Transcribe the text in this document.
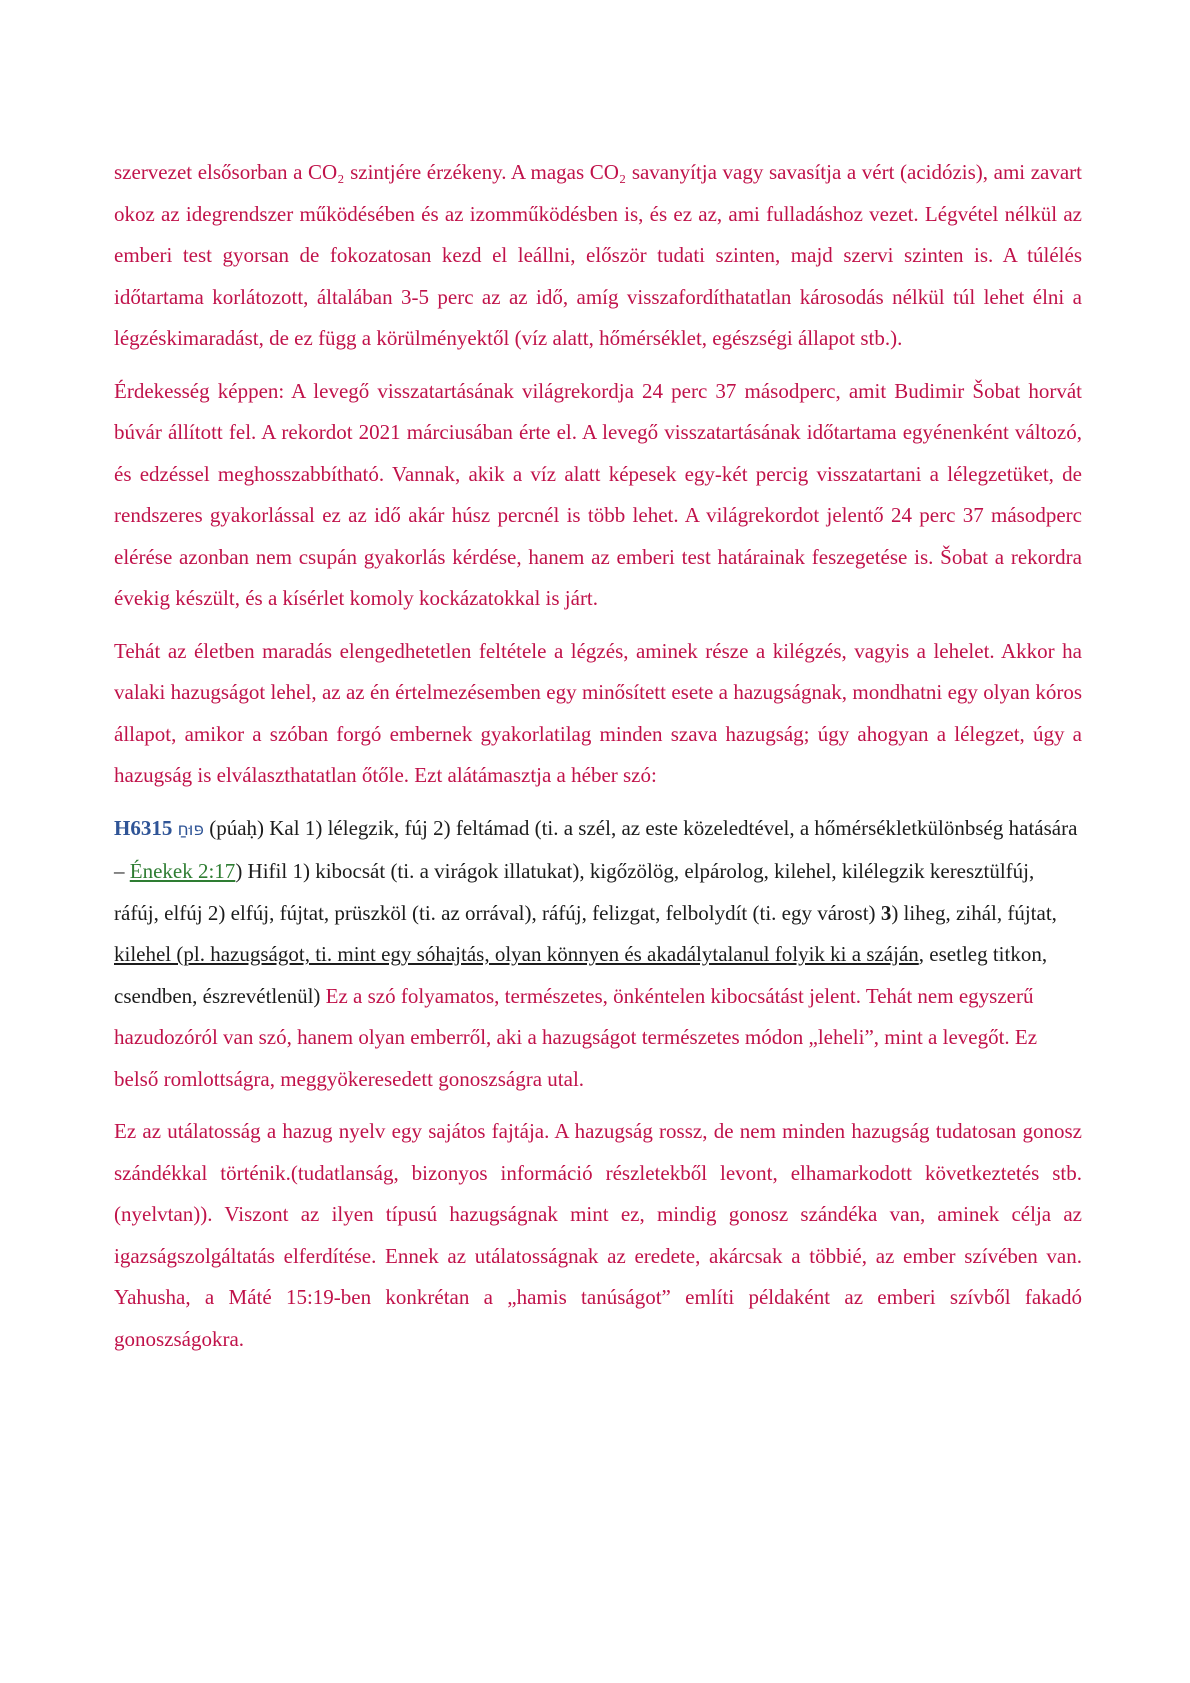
szervezet elsősorban a CO₂ szintjére érzékeny. A magas CO₂ savanyítja vagy savasítja a vért (acidózis), ami zavart okoz az idegrendszer működésében és az izomműködésben is, és ez az, ami fulladáshoz vezet. Légvétel nélkül az emberi test gyorsan de fokozatosan kezd el leállni, először tudati szinten, majd szervi szinten is. A túlélés időtartama korlátozott, általában 3-5 perc az az idő, amíg visszafordíthatatlan károsodás nélkül túl lehet élni a légzéskimaradást, de ez függ a körülményektől (víz alatt, hőmérséklet, egészségi állapot stb.).

Érdekesség képpen: A levegő visszatartásának világrekordja 24 perc 37 másodperc, amit Budimir Šobat horvát búvár állított fel. A rekordot 2021 márciusában érte el. A levegő visszatartásának időtartama egyénenként változó, és edzéssel meghosszabbítható. Vannak, akik a víz alatt képesek egy-két percig visszatartani a lélegzetüket, de rendszeres gyakorlással ez az idő akár húsz percnél is több lehet. A világrekordot jelentő 24 perc 37 másodperc elérése azonban nem csupán gyakorlás kérdése, hanem az emberi test határainak feszegetése is. Šobat a rekordra évekig készült, és a kísérlet komoly kockázatokkal is járt.

Tehát az életben maradás elengedhetetlen feltétele a légzés, aminek része a kilégzés, vagyis a lehelet. Akkor ha valaki hazugságot lehel, az az én értelmezésemben egy minősített esete a hazugságnak, mondhatni egy olyan kóros állapot, amikor a szóban forgó embernek gyakorlatilag minden szava hazugság; úgy ahogyan a lélegzet, úgy a hazugság is elválaszthatatlan őtőle. Ezt alátámasztja a héber szó:

H6315 פּוּחַ (púaḥ) Kal 1) lélegzik, fúj 2) feltámad (ti. a szél, az este közeledtével, a hőmérsékletkülönbség hatására – Énekek 2:17) Hifil 1) kibocsát (ti. a virágok illatukat), kigőzölög, elpárolog, kilehel, kilélegzik keresztülfúj, ráfúj, elfúj 2) elfúj, fújtat, prüszköl (ti. az orrával), ráfúj, felizgat, felbolydít (ti. egy várost) 3) liheg, zihál, fújtat, kilehel (pl. hazugságot, ti. mint egy sóhajtás, olyan könnyen és akadálytalanul folyik ki a száján, esetleg titkon, csendben, észrevétlenül) Ez a szó folyamatos, természetes, önkéntelen kibocsátást jelent. Tehát nem egyszerű hazudozóról van szó, hanem olyan emberről, aki a hazugságot természetes módon „leheli”, mint a levegőt. Ez belső romlottságra, meggyökeresedett gonoszságra utal.

Ez az utálatosság a hazug nyelv egy sajátos fajtája. A hazugság rossz, de nem minden hazugság tudatosan gonosz szándékkal történik.(tudatlanság, bizonyos információ részletekből levont, elhamarkodott következtetés stb. (nyelvtan)). Viszont az ilyen típusú hazugságnak mint ez, mindig gonosz szándéka van, aminek célja az igazságszolgáltatás elferdítése. Ennek az utálatosságnak az eredete, akárcsak a többié, az ember szívében van. Yahusha, a Máté 15:19-ben konkrétan a „hamis tanúságot” említi példaként az emberi szívből fakadó gonoszságokra.
